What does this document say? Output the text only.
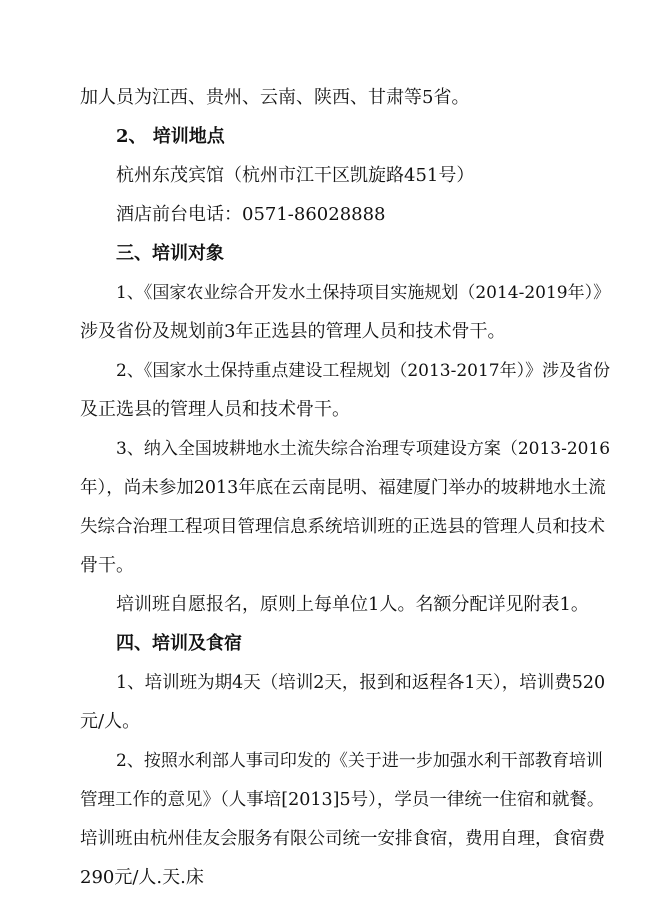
加人员为江西、贵州、云南、陕西、甘肃等5省。
2、 培训地点
杭州东茂宾馆（杭州市江干区凯旋路451号）
酒店前台电话：0571-86028888
三、培训对象
1、《国家农业综合开发水土保持项目实施规划（2014-2019年）》
涉及省份及规划前3年正选县的管理人员和技术骨干。
2、《国家水土保持重点建设工程规划（2013-2017年）》涉及省份
及正选县的管理人员和技术骨干。
3、纳入全国坡耕地水土流失综合治理专项建设方案（2013-2016
年），尚未参加2013年底在云南昆明、福建厦门举办的坡耕地水土流
失综合治理工程项目管理信息系统培训班的正选县的管理人员和技术
骨干。
培训班自愿报名，原则上每单位1人。名额分配详见附表1。
四、培训及食宿
1、培训班为期4天（培训2天，报到和返程各1天），培训费520
元/人。
2、按照水利部人事司印发的《关于进一步加强水利干部教育培训
管理工作的意见》（人事培[2013]5号），学员一律统一住宿和就餐。
培训班由杭州佳友会服务有限公司统一安排食宿，费用自理，食宿费
290元/人.天.床
